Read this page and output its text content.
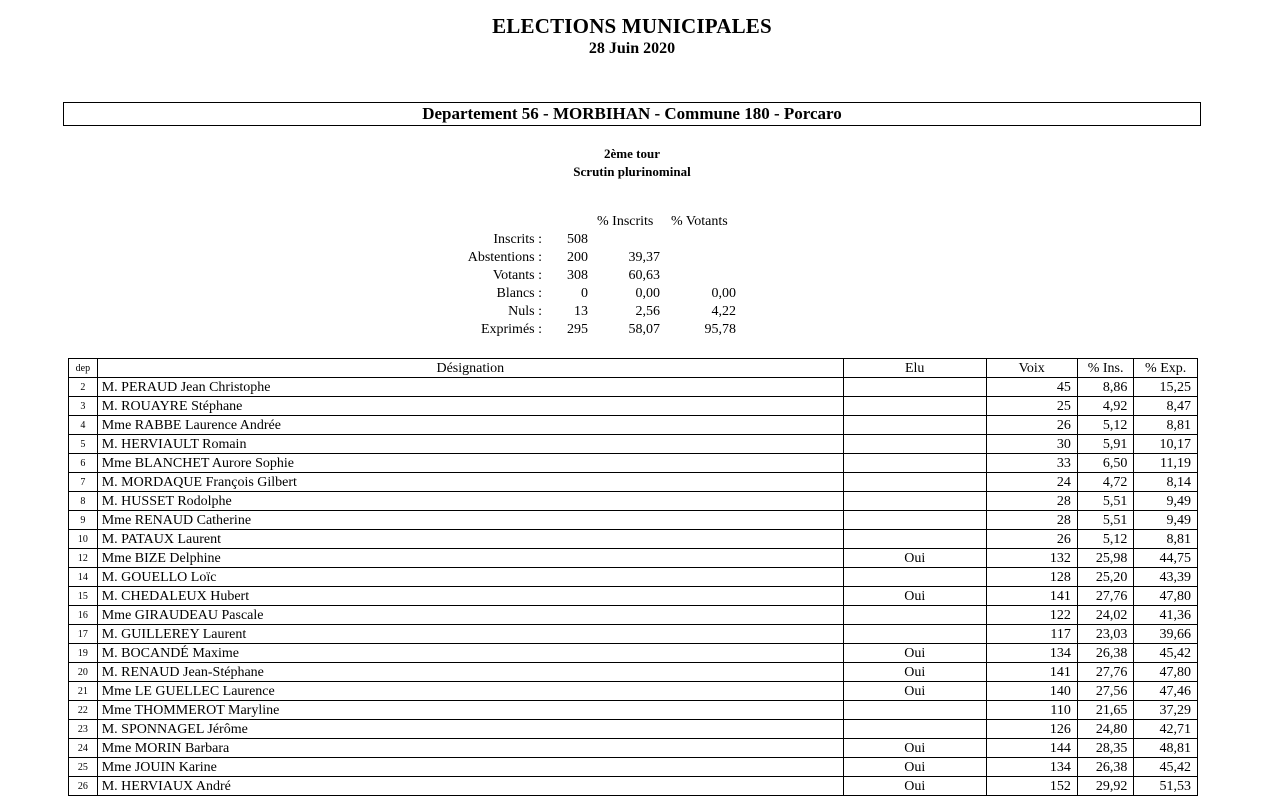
ELECTIONS MUNICIPALES
28 Juin 2020
Departement 56 - MORBIHAN - Commune 180 - Porcaro
2ème tour
Scrutin plurinominal
% Inscrits % Votants
Inscrits :	508
Abstentions :	200	39,37
Votants :	308	60,63
Blancs :	0	0,00	0,00
Nuls :	13	2,56	4,22
Exprimés :	295	58,07	95,78
dep	Désignation	Elu	Voix	% Ins.	% Exp.
2	M. PERAUD Jean Christophe		45	8,86	15,25
3	M. ROUAYRE Stéphane		25	4,92	8,47
4	Mme RABBE Laurence Andrée		26	5,12	8,81
5	M. HERVIAULT Romain		30	5,91	10,17
6	Mme BLANCHET Aurore Sophie		33	6,50	11,19
7	M. MORDAQUE François Gilbert		24	4,72	8,14
8	M. HUSSET Rodolphe		28	5,51	9,49
9	Mme RENAUD Catherine		28	5,51	9,49
10	M. PATAUX Laurent		26	5,12	8,81
12	Mme BIZE Delphine	Oui	132	25,98	44,75
14	M. GOUELLO Loïc		128	25,20	43,39
15	M. CHEDALEUX Hubert	Oui	141	27,76	47,80
16	Mme GIRAUDEAU Pascale		122	24,02	41,36
17	M. GUILLEREY Laurent		117	23,03	39,66
19	M. BOCANDÉ Maxime	Oui	134	26,38	45,42
20	M. RENAUD Jean-Stéphane	Oui	141	27,76	47,80
21	Mme LE GUELLEC Laurence	Oui	140	27,56	47,46
22	Mme THOMMEROT Maryline		110	21,65	37,29
23	M. SPONNAGEL Jérôme		126	24,80	42,71
24	Mme MORIN Barbara	Oui	144	28,35	48,81
25	Mme JOUIN Karine	Oui	134	26,38	45,42
26	M. HERVIAUX André	Oui	152	29,92	51,53
